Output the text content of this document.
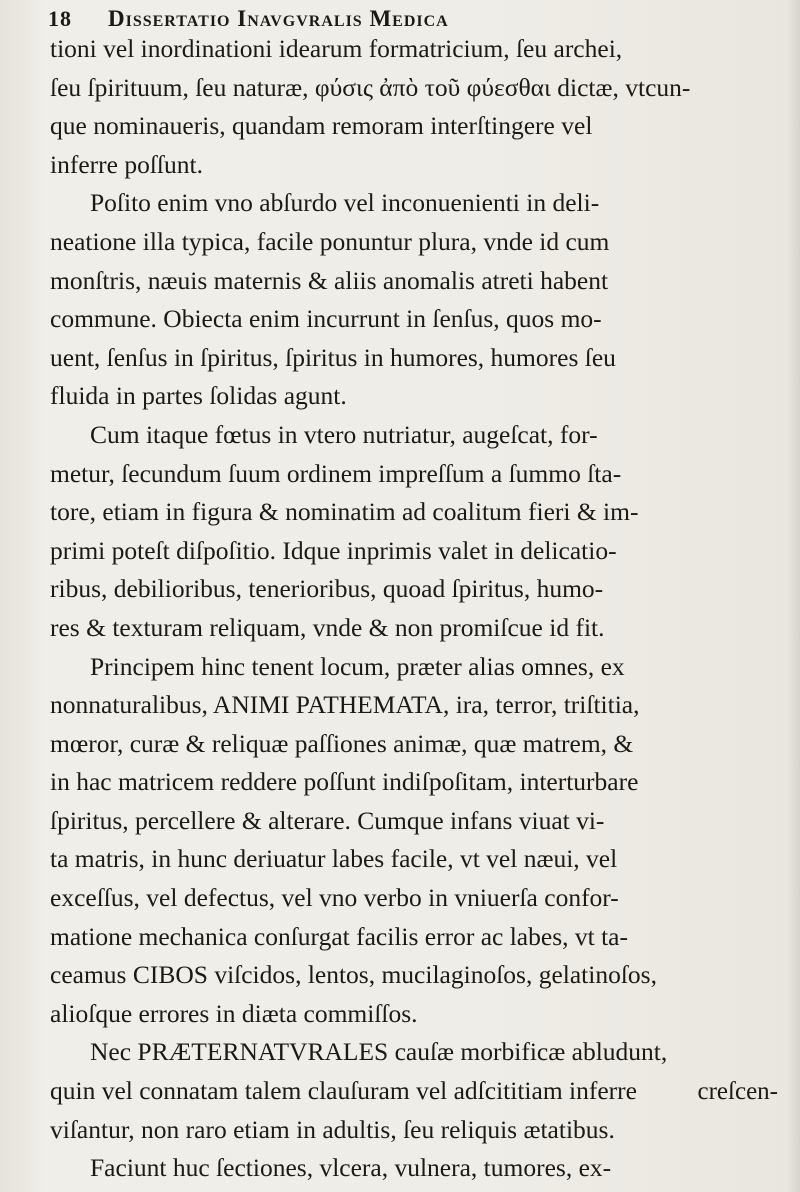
18 Dissertatio Inavgvralis Medica
tioni vel inordinationi idearum formatricium, ſeu archei,
ſeu ſpirituum, ſeu naturæ, φύσις ἀπὸ τοῦ φύεσθαι dictæ, vtcun-
que nominaueris, quandam remoram interſtingere vel
inferre poſſunt.
Poſito enim vno abſurdo vel inconuenienti in deli-
neatione illa typica, facile ponuntur plura, vnde id cum
monſtris, næuis maternis & aliis anomalis atreti habent
commune. Obiecta enim incurrunt in ſenſus, quos mo-
uent, ſenſus in ſpiritus, ſpiritus in humores, humores ſeu
fluida in partes ſolidas agunt.
Cum itaque fœtus in vtero nutriatur, augeſcat, for-
metur, ſecundum ſuum ordinem impreſſum a ſummo ſta-
tore, etiam in figura & nominatim ad coalitum fieri & im-
primi poteſt diſpoſitio. Idque inprimis valet in delicatio-
ribus, debilioribus, tenerioribus, quoad ſpiritus, humo-
res & texturam reliquam, vnde & non promiſcue id fit.
Principem hinc tenent locum, præter alias omnes, ex
nonnaturalibus, ANIMI PATHEMATA, ira, terror, triſtitia,
mœror, curæ & reliquæ paſſiones animæ, quæ matrem, &
in hac matricem reddere poſſunt indiſpoſitam, interturbare
ſpiritus, percellere & alterare. Cumque infans viuat vi-
ta matris, in hunc deriuatur labes facile, vt vel næui, vel
exceſſus, vel defectus, vel vno verbo in vniuerſa confor-
matione mechanica conſurgat facilis error ac labes, vt ta-
ceamus CIBOS viſcidos, lentos, mucilaginoſos, gelatinoſos,
alioſque errores in diæta commiſſos.
Nec PRÆTERNATVRALES cauſæ morbificæ abludunt,
quin vel connatam talem clauſuram vel adſcititiam inferre
viſantur, non raro etiam in adultis, ſeu reliquis ætatibus.
Faciunt huc ſectiones, vlcera, vulnera, tumores, ex-
creſcen-
